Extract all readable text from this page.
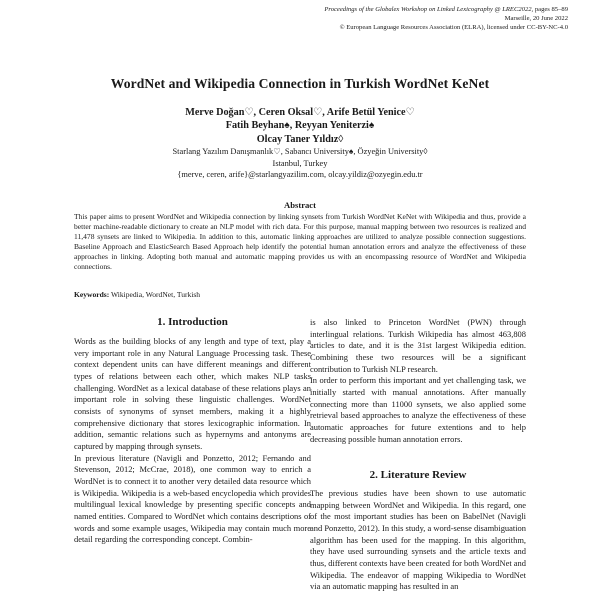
Proceedings of the Globalex Workshop on Linked Lexicography @ LREC2022, pages 85–89
Marseille, 20 June 2022
© European Language Resources Association (ELRA), licensed under CC-BY-NC-4.0
WordNet and Wikipedia Connection in Turkish WordNet KeNet
Merve Doğan♡, Ceren Oksal♡, Arife Betül Yenice♡
Fatih Beyhan♠, Reyyan Yeniterzi♠
Olcay Taner Yıldız◊
Starlang Yazılım Danışmanlık♡, Sabancı University♠, Özyeğin University◊
Istanbul, Turkey
{merve, ceren, arife}@starlangyazilim.com, olcay.yildiz@ozyegin.edu.tr
Abstract
This paper aims to present WordNet and Wikipedia connection by linking synsets from Turkish WordNet KeNet with Wikipedia and thus, provide a better machine-readable dictionary to create an NLP model with rich data. For this purpose, manual mapping between two resources is realized and 11,478 synsets are linked to Wikipedia. In addition to this, automatic linking approaches are utilized to analyze possible connection suggestions. Baseline Approach and ElasticSearch Based Approach help identify the potential human annotation errors and analyze the effectiveness of these approaches in linking. Adopting both manual and automatic mapping provides us with an encompassing resource of WordNet and Wikipedia connections.
Keywords: Wikipedia, WordNet, Turkish
1. Introduction

Words as the building blocks of any length and type of text, play a very important role in any Natural Language Processing task. These context dependent units can have different meanings and different types of relations between each other, which makes NLP tasks challenging. WordNet as a lexical database of these relations plays an important role in solving these linguistic challenges. WordNet consists of synonyms of synset members, making it a highly comprehensive dictionary that stores lexicographic information. In addition, semantic relations such as hypernyms and antonyms are captured by mapping through synsets.

In previous literature (Navigli and Ponzetto, 2012; Fernando and Stevenson, 2012; McCrae, 2018), one common way to enrich a WordNet is to connect it to another very detailed data resource which is Wikipedia. Wikipedia is a web-based encyclopedia which provides multilingual lexical knowledge by presenting specific concepts and named entities. Compared to WordNet which contains descriptions of words and some example usages, Wikipedia may contain much more detail regarding the corresponding concept. Combin-

is also linked to Princeton WordNet (PWN) through interlingual relations. Turkish Wikipedia has almost 463,808 articles to date, and it is the 31st largest Wikipedia edition. Combining these two resources will be a significant contribution to Turkish NLP research.

In order to perform this important and yet challenging task, we initially started with manual annotations. After manually connecting more than 11000 synsets, we also applied some retrieval based approaches to analyze the effectiveness of these automatic approaches for future extentions and to help decreasing possible human annotation errors.

2. Literature Review

The previous studies have been shown to use automatic mapping between WordNet and Wikipedia. In this regard, one of the most important studies has been on BabelNet (Navigli and Ponzetto, 2012). In this study, a word-sense disambiguation algorithm has been used for the mapping. In this algorithm, they have used surrounding synsets and the article texts and thus, different contexts have been created for both WordNet and Wikipedia. The endeavor of mapping Wikipedia to WordNet via an automatic mapping has resulted in an
